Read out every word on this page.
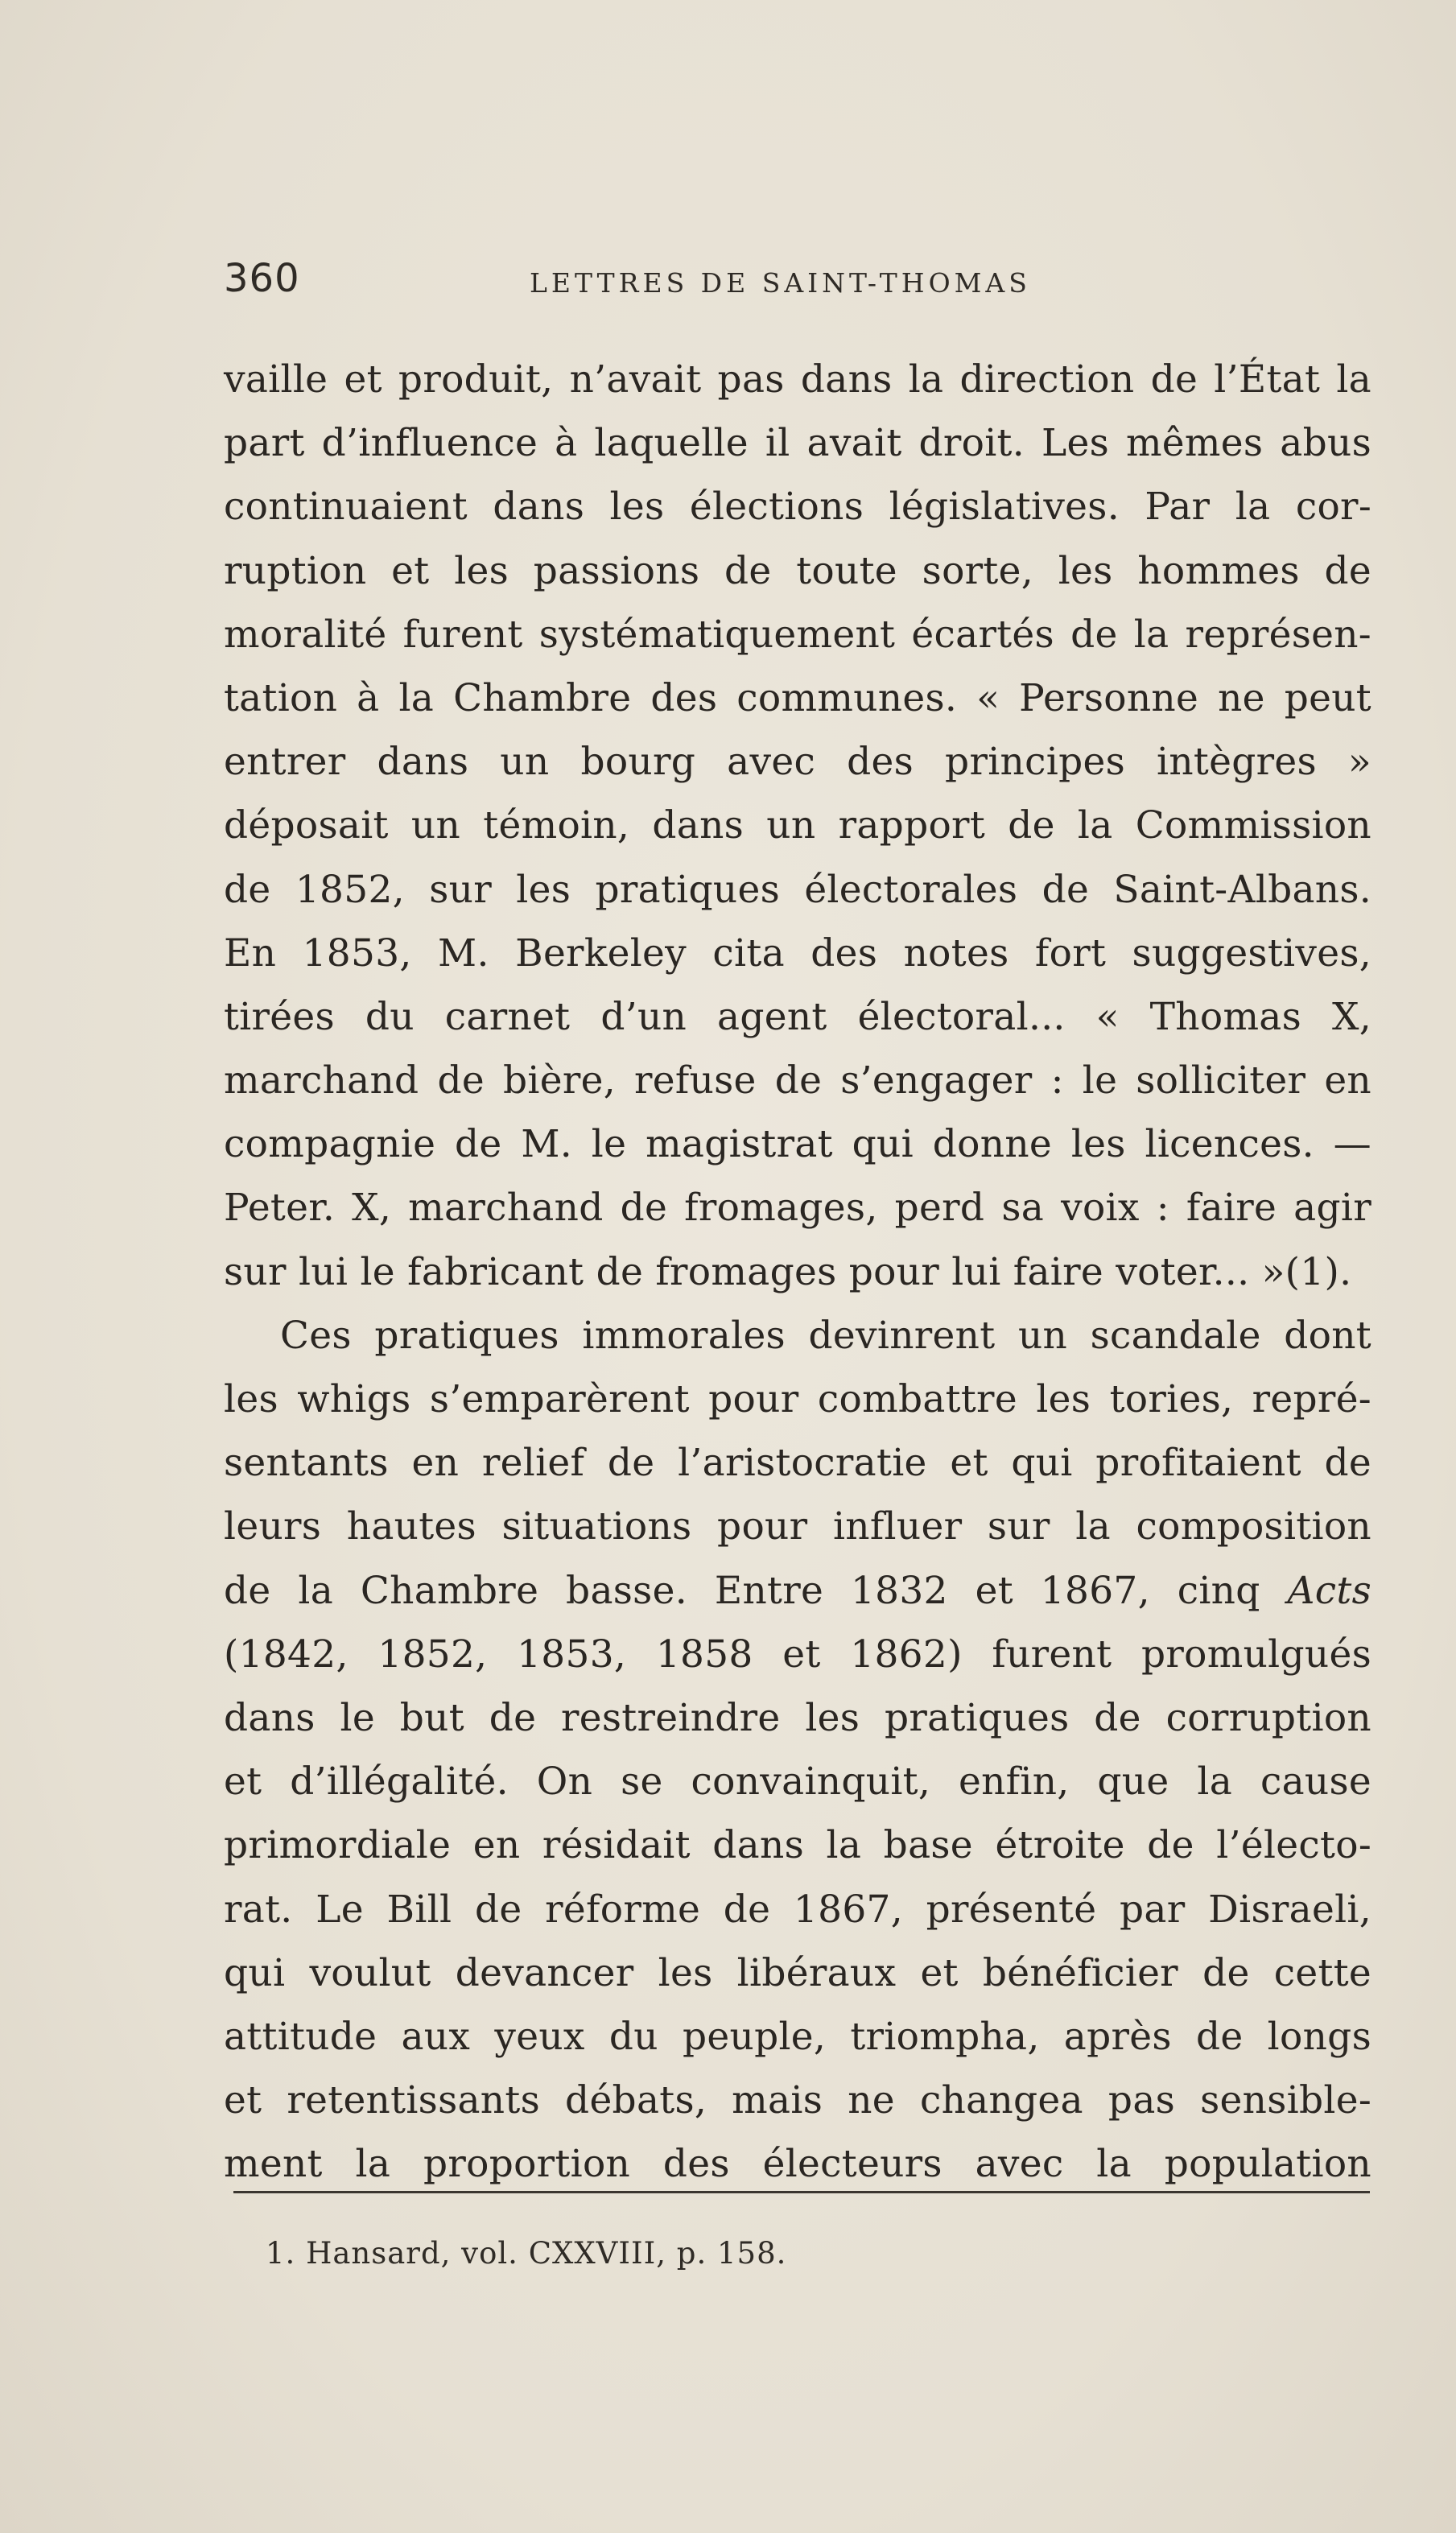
360	LETTRES DE SAINT-THOMAS
vaille et produit, n’avait pas dans la direction de l’État la
part d’influence à laquelle il avait droit. Les mêmes abus
continuaient dans les élections législatives. Par la cor-
ruption et les passions de toute sorte, les hommes de
moralité furent systématiquement écartés de la représen-
tation à la Chambre des communes. « Personne ne peut
entrer dans un bourg avec des principes intègres »
déposait un témoin, dans un rapport de la Commission
de 1852, sur les pratiques électorales de Saint-Albans.
En 1853, M. Berkeley cita des notes fort suggestives,
tirées du carnet d’un agent électoral... « Thomas X,
marchand de bière, refuse de s’engager : le solliciter en
compagnie de M. le magistrat qui donne les licences. —
Peter. X, marchand de fromages, perd sa voix : faire agir
sur lui le fabricant de fromages pour lui faire voter... »(1).
Ces pratiques immorales devinrent un scandale dont
les whigs s’emparèrent pour combattre les tories, repré-
sentants en relief de l’aristocratie et qui profitaient de
leurs hautes situations pour influer sur la composition
de la Chambre basse. Entre 1832 et 1867, cinq Acts
(1842, 1852, 1853, 1858 et 1862) furent promulgués
dans le but de restreindre les pratiques de corruption
et d’illégalité. On se convainquit, enfin, que la cause
primordiale en résidait dans la base étroite de l’électo-
rat. Le Bill de réforme de 1867, présenté par Disraeli,
qui voulut devancer les libéraux et bénéficier de cette
attitude aux yeux du peuple, triompha, après de longs
et retentissants débats, mais ne changea pas sensible-
ment la proportion des électeurs avec la population
1. Hansard, vol. CXXVIII, p. 158.
